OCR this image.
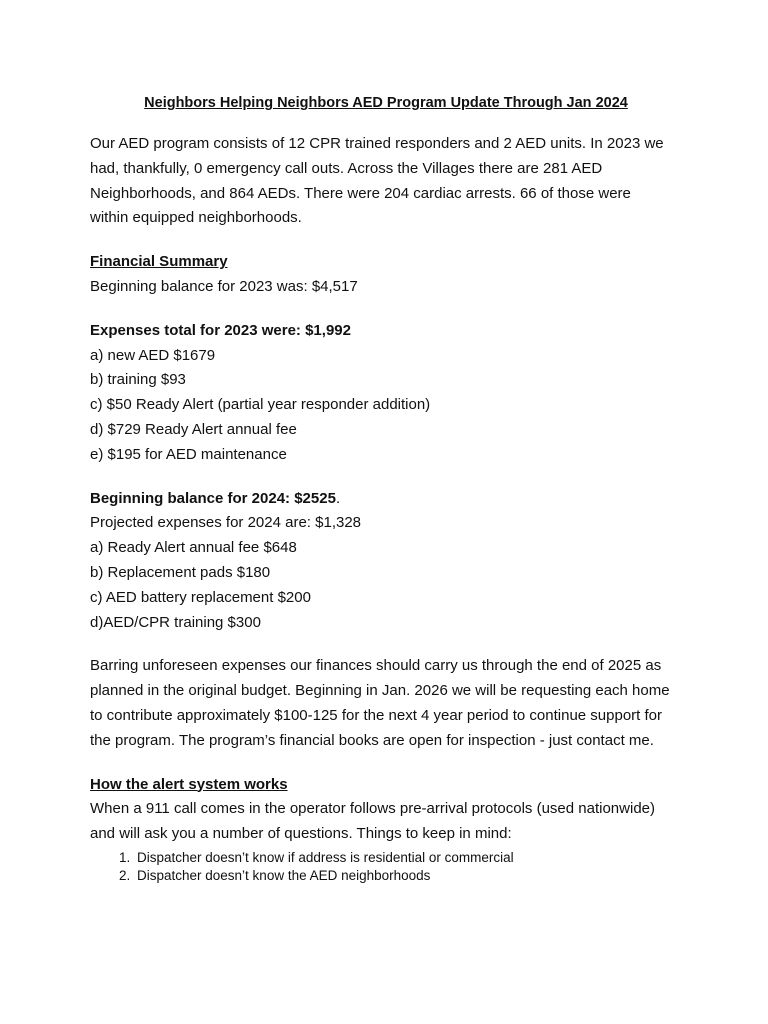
Neighbors Helping Neighbors AED Program Update Through Jan 2024
Our AED program consists of 12 CPR trained responders and 2 AED units. In 2023 we
had, thankfully, 0 emergency call outs. Across the Villages there are 281 AED
Neighborhoods, and 864 AEDs. There were 204 cardiac arrests. 66 of those were
within equipped neighborhoods.
Financial Summary
Beginning balance for 2023 was: $4,517
Expenses total for 2023 were: $1,992
a) new AED $1679
b) training $93
c) $50 Ready Alert (partial year responder addition)
d) $729 Ready Alert annual fee
e) $195 for AED maintenance
Beginning balance for 2024: $2525.
Projected expenses for 2024 are: $1,328
a) Ready Alert annual fee $648
b) Replacement pads $180
c) AED battery replacement $200
d)AED/CPR training $300
Barring unforeseen expenses our finances should carry us through the end of 2025 as
planned in the original budget. Beginning in Jan. 2026 we will be requesting each home
to contribute approximately $100-125 for the next 4 year period to continue support for
the program. The program’s financial books are open for inspection - just contact me.
How the alert system works
When a 911 call comes in the operator follows pre-arrival protocols (used nationwide)
and will ask you a number of questions. Things to keep in mind:
1. Dispatcher doesn’t know if address is residential or commercial
2. Dispatcher doesn’t know the AED neighborhoods
